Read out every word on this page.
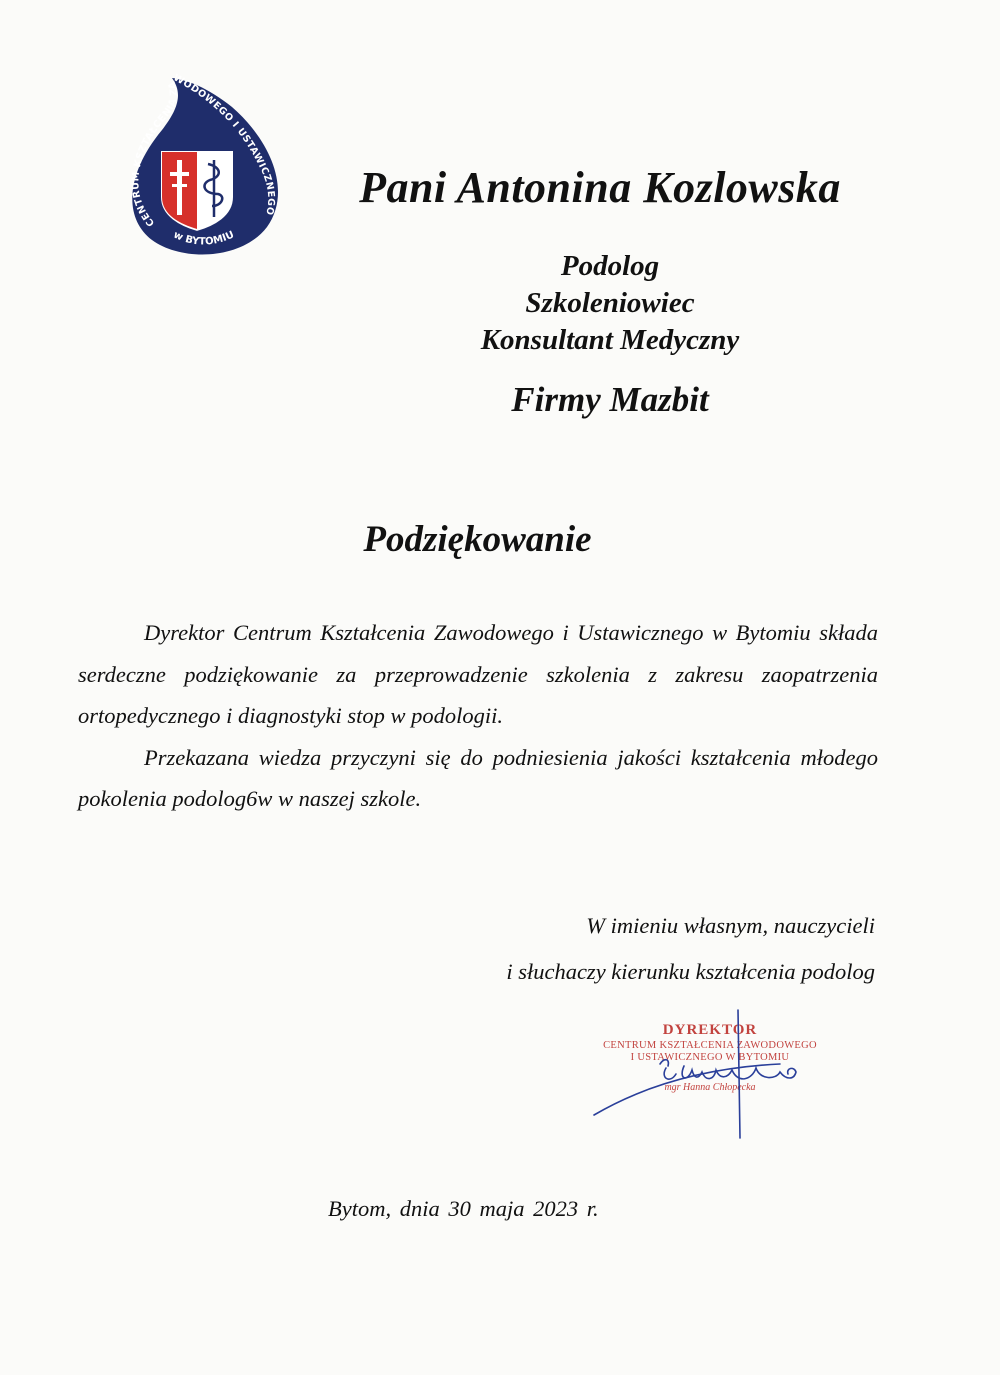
CENTRUM KSZTAŁCENIA ZAWODOWEGO I USTAWICZNEGO
w BYTOMIU
Pani Antonina Kozlowska
Podolog
Szkoleniowiec
Konsultant Medyczny
Firmy Mazbit
Podziękowanie

Dyrektor Centrum Kształcenia Zawodowego i Ustawicznego w Bytomiu składa serdeczne podziękowanie za przeprowadzenie szkolenia z zakresu zaopatrzenia ortopedycznego i diagnostyki stop w podologii.

Przekazana wiedza przyczyni się do podniesienia jakości kształcenia młodego pokolenia podolog6w w naszej szkole.

W imieniu własnym, nauczycieli
i słuchaczy kierunku kształcenia podolog
DYREKTOR
CENTRUM KSZTAŁCENIA ZAWODOWEGO
I USTAWICZNEGO W BYTOMIU
mgr Hanna Chłopecka
Bytom, dnia 30 maja 2023 r.
